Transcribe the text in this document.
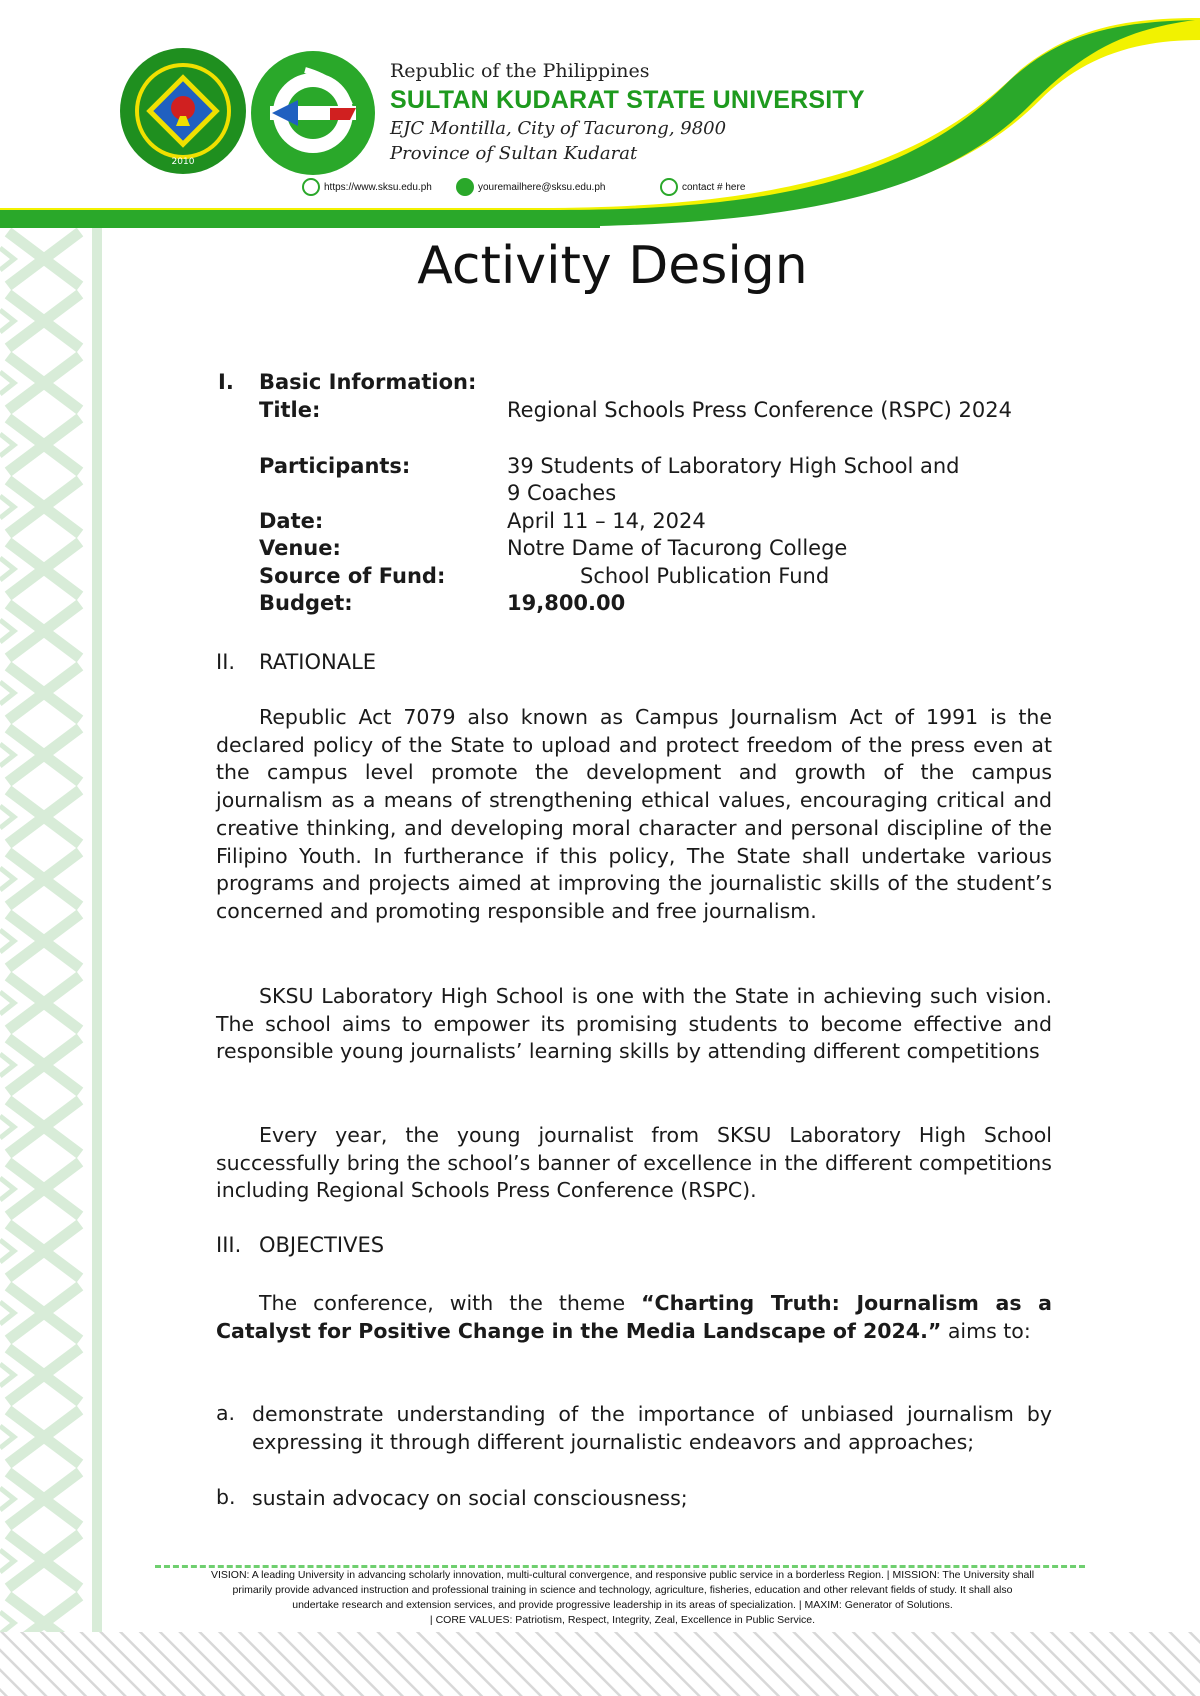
2010
Republic of the Philippines
SULTAN KUDARAT STATE UNIVERSITY
EJC Montilla, City of Tacurong, 9800
Province of Sultan Kudarat
https://www.sksu.edu.ph	youremailhere@sksu.edu.ph	contact # here
Activity Design
I. Basic Information:
Title:	Regional Schools Press Conference (RSPC) 2024
Participants:	39 Students of Laboratory High School and
9 Coaches
Date:	April 11 – 14, 2024
Venue:	Notre Dame of Tacurong College
Source of Fund:	School Publication Fund
Budget:	19,800.00
II. RATIONALE

Republic Act 7079 also known as Campus Journalism Act of 1991 is the declared policy of the State to upload and protect freedom of the press even at the campus level promote the development and growth of the campus journalism as a means of strengthening ethical values, encouraging critical and creative thinking, and developing moral character and personal discipline of the Filipino Youth. In furtherance if this policy, The State shall undertake various programs and projects aimed at improving the journalistic skills of the student’s concerned and promoting responsible and free journalism.

SKSU Laboratory High School is one with the State in achieving such vision. The school aims to empower its promising students to become effective and responsible young journalists’ learning skills by attending different competitions

Every year, the young journalist from SKSU Laboratory High School successfully bring the school’s banner of excellence in the different competitions including Regional Schools Press Conference (RSPC).

III. OBJECTIVES

The conference, with the theme “Charting Truth: Journalism as a Catalyst for Positive Change in the Media Landscape of 2024.” aims to:

a. demonstrate understanding of the importance of unbiased journalism by expressing it through different journalistic endeavors and approaches;

b. sustain advocacy on social consciousness;

VISION: A leading University in advancing scholarly innovation, multi-cultural convergence, and responsive public service in a borderless Region. | MISSION: The University shall
primarily provide advanced instruction and professional training in science and technology, agriculture, fisheries, education and other relevant fields of study. It shall also
undertake research and extension services, and provide progressive leadership in its areas of specialization. | MAXIM: Generator of Solutions.
| CORE VALUES: Patriotism, Respect, Integrity, Zeal, Excellence in Public Service.
